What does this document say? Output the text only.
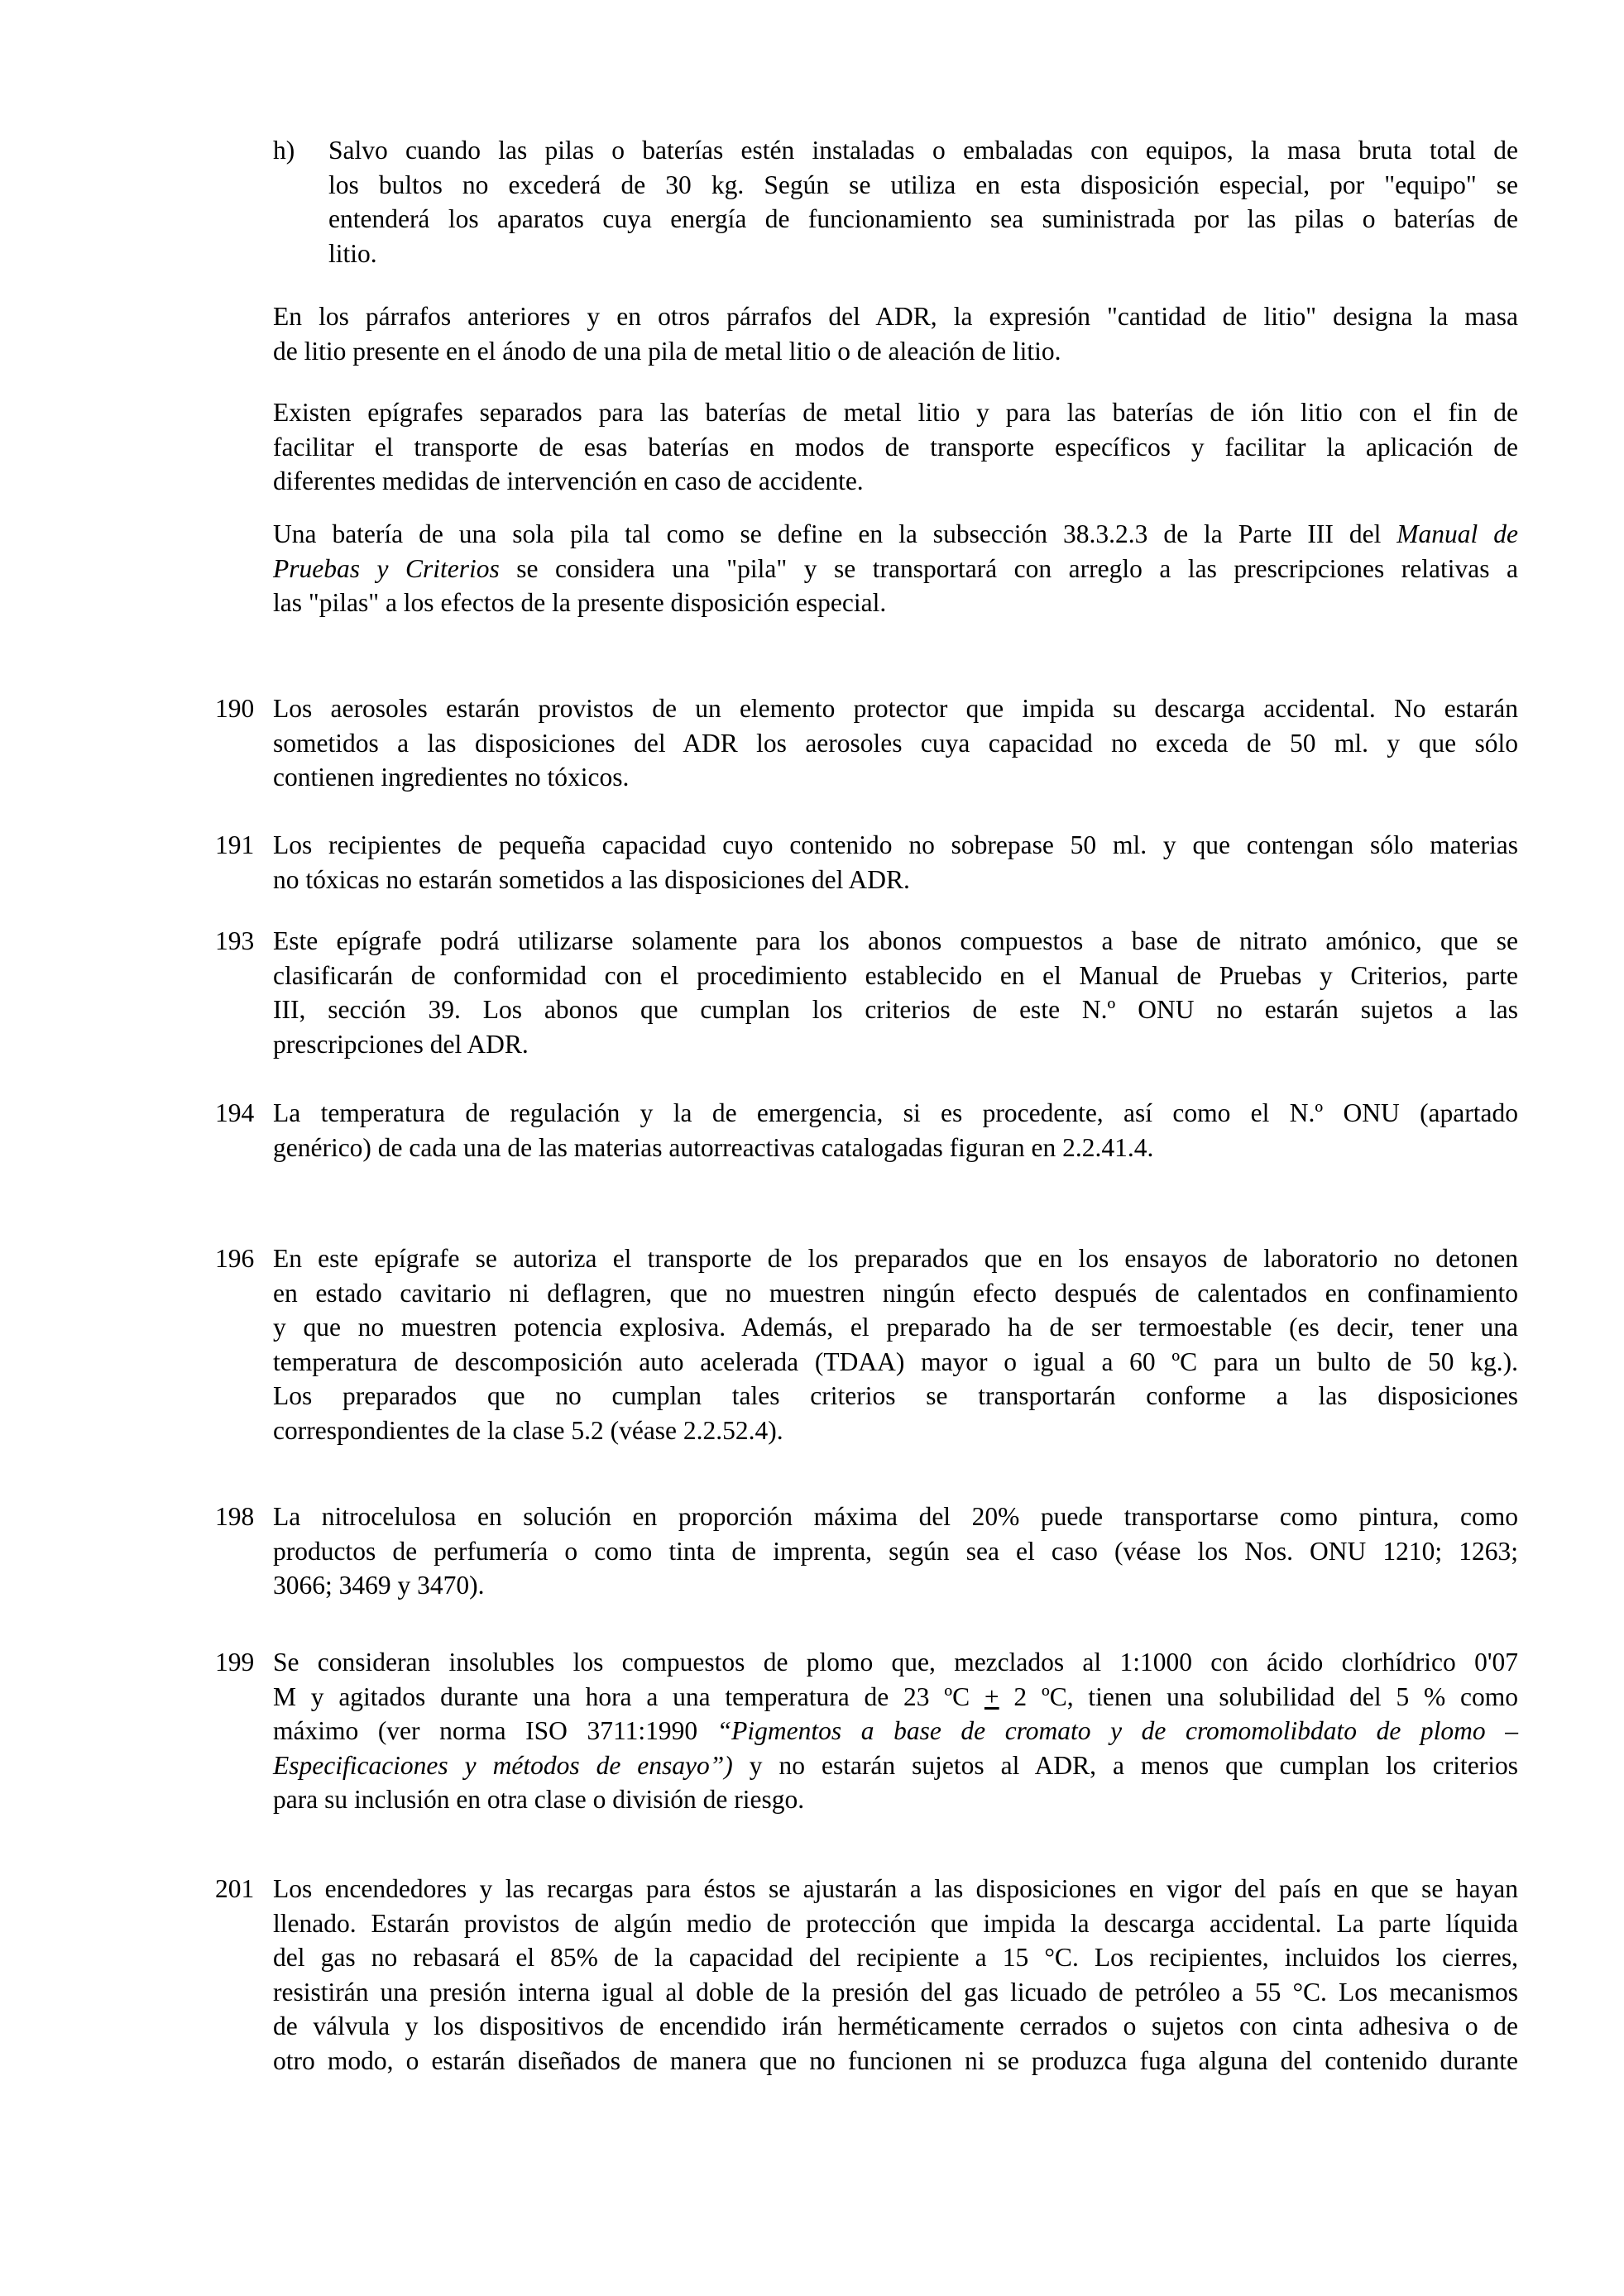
h) Salvo cuando las pilas o baterías estén instaladas o embaladas con equipos, la masa bruta total de
los bultos no excederá de 30 kg. Según se utiliza en esta disposición especial, por "equipo" se
entenderá los aparatos cuya energía de funcionamiento sea suministrada por las pilas o baterías de
litio.
En los párrafos anteriores y en otros párrafos del ADR, la expresión "cantidad de litio" designa la masa
de litio presente en el ánodo de una pila de metal litio o de aleación de litio.
Existen epígrafes separados para las baterías de metal litio y para las baterías de ión litio con el fin de
facilitar el transporte de esas baterías en modos de transporte específicos y facilitar la aplicación de
diferentes medidas de intervención en caso de accidente.
Una batería de una sola pila tal como se define en la subsección 38.3.2.3 de la Parte III del Manual de
Pruebas y Criterios se considera una "pila" y se transportará con arreglo a las prescripciones relativas a
las "pilas" a los efectos de la presente disposición especial.
190 Los aerosoles estarán provistos de un elemento protector que impida su descarga accidental. No estarán
sometidos a las disposiciones del ADR los aerosoles cuya capacidad no exceda de 50 ml. y que sólo
contienen ingredientes no tóxicos.
191 Los recipientes de pequeña capacidad cuyo contenido no sobrepase 50 ml. y que contengan sólo materias
no tóxicas no estarán sometidos a las disposiciones del ADR.
193 Este epígrafe podrá utilizarse solamente para los abonos compuestos a base de nitrato amónico, que se
clasificarán de conformidad con el procedimiento establecido en el Manual de Pruebas y Criterios, parte
III, sección 39. Los abonos que cumplan los criterios de este N.º ONU no estarán sujetos a las
prescripciones del ADR.
194 La temperatura de regulación y la de emergencia, si es procedente, así como el N.º ONU (apartado
genérico) de cada una de las materias autorreactivas catalogadas figuran en 2.2.41.4.
196 En este epígrafe se autoriza el transporte de los preparados que en los ensayos de laboratorio no detonen
en estado cavitario ni deflagren, que no muestren ningún efecto después de calentados en confinamiento
y que no muestren potencia explosiva. Además, el preparado ha de ser termoestable (es decir, tener una
temperatura de descomposición auto acelerada (TDAA) mayor o igual a 60 ºC para un bulto de 50 kg.).
Los preparados que no cumplan tales criterios se transportarán conforme a las disposiciones
correspondientes de la clase 5.2 (véase 2.2.52.4).
198 La nitrocelulosa en solución en proporción máxima del 20% puede transportarse como pintura, como
productos de perfumería o como tinta de imprenta, según sea el caso (véase los Nos. ONU 1210; 1263;
3066; 3469 y 3470).
199 Se consideran insolubles los compuestos de plomo que, mezclados al 1:1000 con ácido clorhídrico 0'07
M y agitados durante una hora a una temperatura de 23 ºC + 2 ºC, tienen una solubilidad del 5 % como
máximo (ver norma ISO 3711:1990 “Pigmentos a base de cromato y de cromomolibdato de plomo –
Especificaciones y métodos de ensayo”) y no estarán sujetos al ADR, a menos que cumplan los criterios
para su inclusión en otra clase o división de riesgo.
201 Los encendedores y las recargas para éstos se ajustarán a las disposiciones en vigor del país en que se hayan
llenado. Estarán provistos de algún medio de protección que impida la descarga accidental. La parte líquida
del gas no rebasará el 85% de la capacidad del recipiente a 15 °C. Los recipientes, incluidos los cierres,
resistirán una presión interna igual al doble de la presión del gas licuado de petróleo a 55 °C. Los mecanismos
de válvula y los dispositivos de encendido irán herméticamente cerrados o sujetos con cinta adhesiva o de
otro modo, o estarán diseñados de manera que no funcionen ni se produzca fuga alguna del contenido durante
